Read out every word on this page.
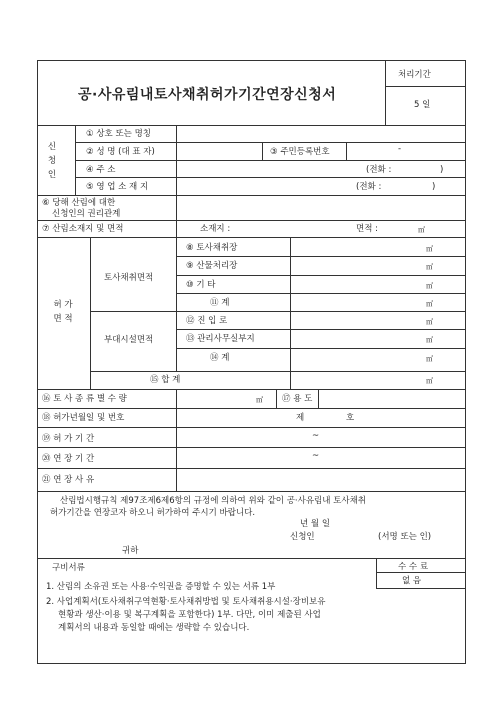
공·사유림내토사채취허가기간연장신청서
처리기간
5 일
신 청 인
① 상호 또는 명칭
② 성 명 (대 표 자)	③ 주민등록번호	-
④ 주 소	(전화 :	)
⑤ 영 업 소 재 지	(전화 :	)
⑥ 당해 산림에 대한
신청인의 권리관계
⑦ 산림소재지 및 면적	소재지 :	면적 :	㎡
허 가 면 적
토사채취면적
⑧ 토사채취장	㎡
⑨ 산물처리장	㎡
⑩ 기 타	㎡
⑪ 계	㎡
부대시설면적
⑫ 진 입 로	㎡
⑬ 관리사무실부지	㎡
⑭ 계	㎡
⑮ 합 계	㎡
⑯ 토 사 종 류 별 수 량	㎥ ⑰ 용 도
⑱ 허가년월일 및 번호	제	호
⑲ 허 가 기 간	~
⑳ 연 장 기 간	~
㉑ 연 장 사 유
산림법시행규칙 제97조제6제6항의 규정에 의하여 위와 같이 공·사유림내 토사채취
허가기간을 연장코자 하오니 허가하여 주시기 바랍니다.
년 월 일
신청인	(서명 또는 인)
귀하
구비서류	수 수 료
없 음
1. 산림의 소유권 또는 사용·수익권을 증명할 수 있는 서류 1부
2. 사업계획서(토사채취구역현황·토사채취방법 및 토사채취용시설·장비보유
현황과 생산·이용 및 복구계획을 포함한다) 1부. 다만, 이미 제출된 사업
계획서의 내용과 동일할 때에는 생략할 수 있습니다.
